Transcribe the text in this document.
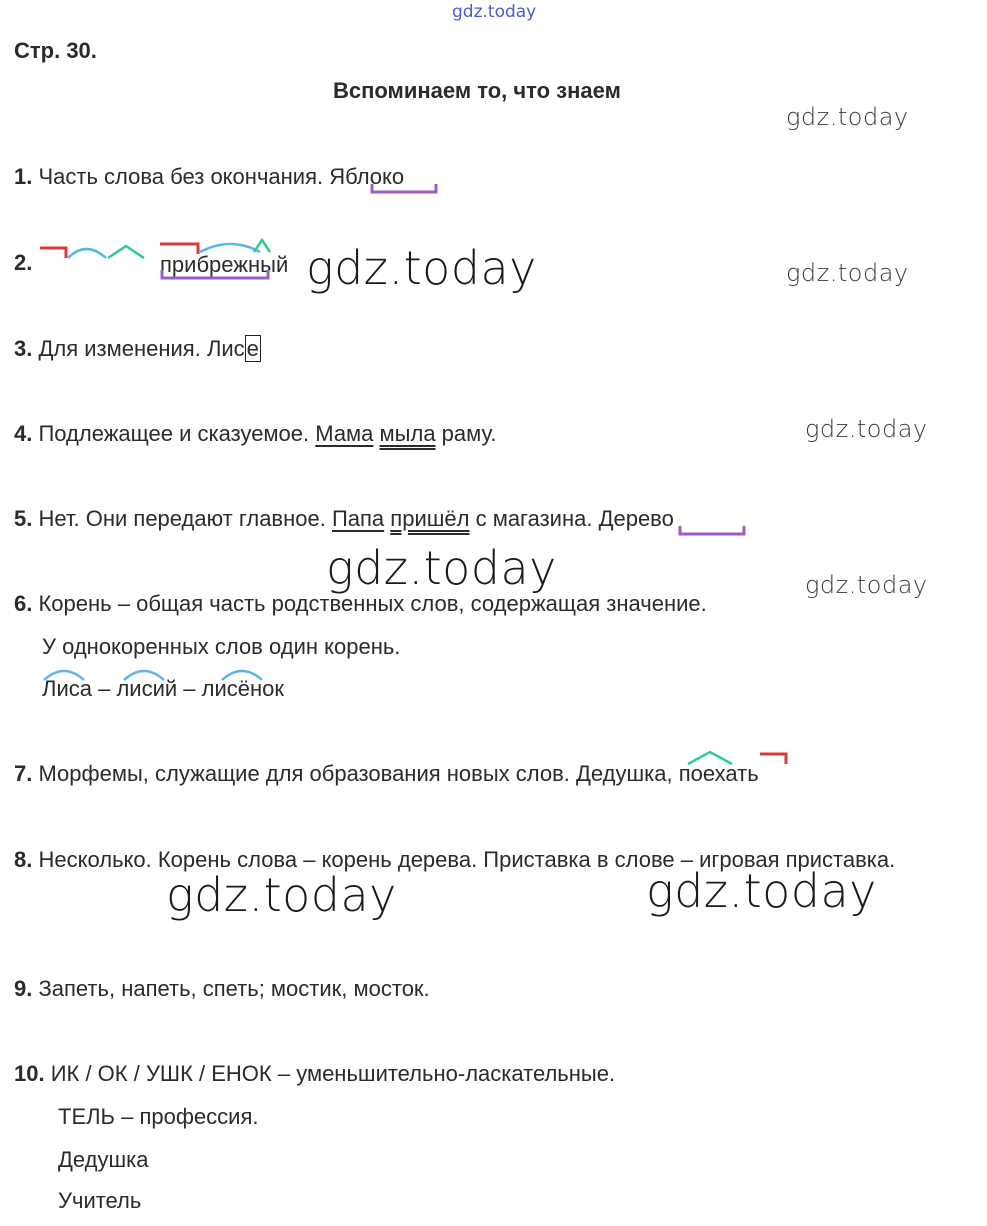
gdz.today
Стр. 30.
Вспоминаем то, что знаем
gdz.today
gdz.today
gdz.today
gdz.today
gdz.today
gdz.today
gdz.today	gdz.today
1. Часть слова без окончания. Яблоко
2.	прибрежный
3. Для изменения. Лисе
4. Подлежащее и сказуемое. Мама мыла раму.
5. Нет. Они передают главное. Папа пришёл с магазина. Дерево
6. Корень – общая часть родственных слов, содержащая значение.
У однокоренных слов один корень.
Лиса – лисий – лисёнок
7. Морфемы, служащие для образования новых слов. Дедушка, поехать
8. Несколько. Корень слова – корень дерева. Приставка в слове – игровая приставка.
9. Запеть, напеть, спеть; мостик, мосток.
10. ИК / ОК / УШК / ЕНОК – уменьшительно-ласкательные.
ТЕЛЬ – профессия.
Дедушка
Учитель
